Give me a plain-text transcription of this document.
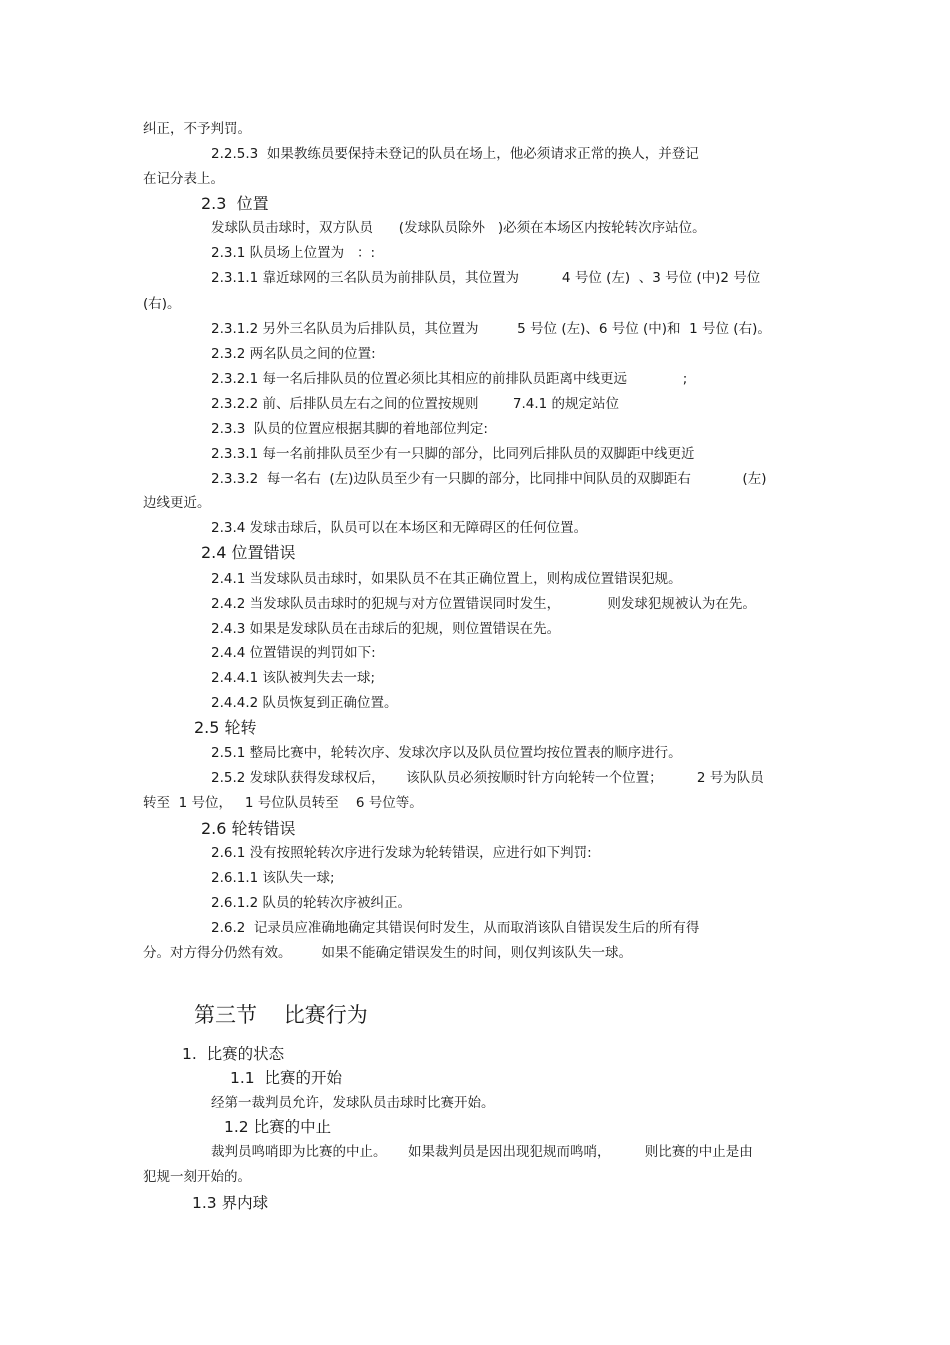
纠正，不予判罚。

2.2.5.3  如果教练员要保持未登记的队员在场上，他必须请求正常的换人，并登记

在记分表上。

2.3  位置

发球队员击球时，双方队员      (发球队员除外   )必须在本场区内按轮转次序站位。

2.3.1 队员场上位置为   ：:

2.3.1.1 靠近球网的三名队员为前排队员，其位置为          4 号位 (左)  、3 号位 (中)2 号位

(右)。

2.3.1.2 另外三名队员为后排队员，其位置为         5 号位 (左)、6 号位 (中)和  1 号位 (右)。

2.3.2 两名队员之间的位置:

2.3.2.1 每一名后排队员的位置必须比其相应的前排队员距离中线更远             ;

2.3.2.2 前、后排队员左右之间的位置按规则        7.4.1 的规定站位

2.3.3  队员的位置应根据其脚的着地部位判定:

2.3.3.1 每一名前排队员至少有一只脚的部分，比同列后排队员的双脚距中线更近

2.3.3.2  每一名右  (左)边队员至少有一只脚的部分，比同排中间队员的双脚距右            (左)

边线更近。

2.3.4 发球击球后，队员可以在本场区和无障碍区的任何位置。

2.4 位置错误

2.4.1 当发球队员击球时，如果队员不在其正确位置上，则构成位置错误犯规。

2.4.2 当发球队员击球时的犯规与对方位置错误同时发生，           则发球犯规被认为在先。

2.4.3 如果是发球队员在击球后的犯规，则位置错误在先。

2.4.4 位置错误的判罚如下:

2.4.4.1 该队被判失去一球;

2.4.4.2 队员恢复到正确位置。

2.5 轮转

2.5.1 整局比赛中，轮转次序、发球次序以及队员位置均按位置表的顺序进行。

2.5.2 发球队获得发球权后，     该队队员必须按顺时针方向轮转一个位置；        2 号为队员

转至  1 号位，   1 号位队员转至    6 号位等。

2.6 轮转错误

2.6.1 没有按照轮转次序进行发球为轮转错误，应进行如下判罚:

2.6.1.1 该队失一球;

2.6.1.2 队员的轮转次序被纠正。

2.6.2  记录员应准确地确定其错误何时发生，从而取消该队自错误发生后的所有得

分。对方得分仍然有效。       如果不能确定错误发生的时间，则仅判该队失一球。

第三节    比赛行为

1.  比赛的状态

1.1  比赛的开始

经第一裁判员允许，发球队员击球时比赛开始。

1.2 比赛的中止

裁判员鸣哨即为比赛的中止。     如果裁判员是因出现犯规而鸣哨，        则比赛的中止是由

犯规一刻开始的。

1.3 界内球
